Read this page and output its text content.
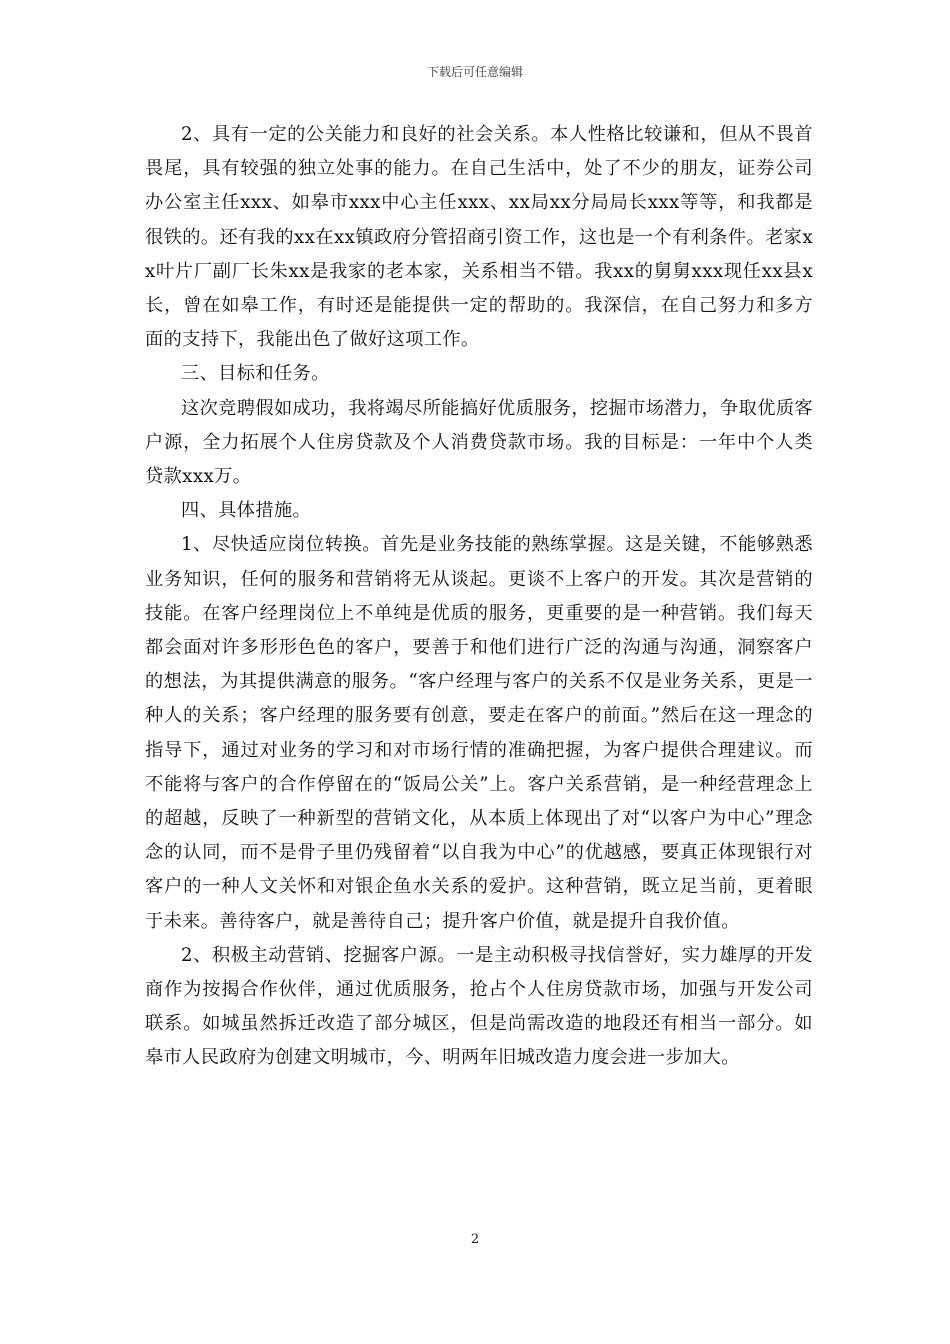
下载后可任意编辑

2、具有一定的公关能力和良好的社会关系。本人性格比较谦和，但从不畏首畏尾，具有较强的独立处事的能力。在自己生活中，处了不少的朋友，证券公司办公室主任xxx、如皋市xxx中心主任xxx、xx局xx分局局长xxx等等，和我都是很铁的。还有我的xx在xx镇政府分管招商引资工作，这也是一个有利条件。老家xx叶片厂副厂长朱xx是我家的老本家，关系相当不错。我xx的舅舅xxx现任xx县x长，曾在如皋工作，有时还是能提供一定的帮助的。我深信，在自己努力和多方面的支持下，我能出色了做好这项工作。

三、目标和任务。

这次竞聘假如成功，我将竭尽所能搞好优质服务，挖掘市场潜力，争取优质客户源，全力拓展个人住房贷款及个人消费贷款市场。我的目标是：一年中个人类贷款xxx万。

四、具体措施。

1、尽快适应岗位转换。首先是业务技能的熟练掌握。这是关键，不能够熟悉业务知识，任何的服务和营销将无从谈起。更谈不上客户的开发。其次是营销的技能。在客户经理岗位上不单纯是优质的服务，更重要的是一种营销。我们每天都会面对许多形形色色的客户，要善于和他们进行广泛的沟通与沟通，洞察客户的想法，为其提供满意的服务。“客户经理与客户的关系不仅是业务关系，更是一种人的关系；客户经理的服务要有创意，要走在客户的前面。”然后在这一理念的指导下，通过对业务的学习和对市场行情的准确把握，为客户提供合理建议。而不能将与客户的合作停留在的“饭局公关”上。客户关系营销，是一种经营理念上的超越，反映了一种新型的营销文化，从本质上体现出了对“以客户为中心”理念念的认同，而不是骨子里仍残留着“以自我为中心”的优越感，要真正体现银行对客户的一种人文关怀和对银企鱼水关系的爱护。这种营销，既立足当前，更着眼于未来。善待客户，就是善待自己；提升客户价值，就是提升自我价值。

2、积极主动营销、挖掘客户源。一是主动积极寻找信誉好，实力雄厚的开发商作为按揭合作伙伴，通过优质服务，抢占个人住房贷款市场，加强与开发公司联系。如城虽然拆迁改造了部分城区，但是尚需改造的地段还有相当一部分。如皋市人民政府为创建文明城市，今、明两年旧城改造力度会进一步加大。

2
